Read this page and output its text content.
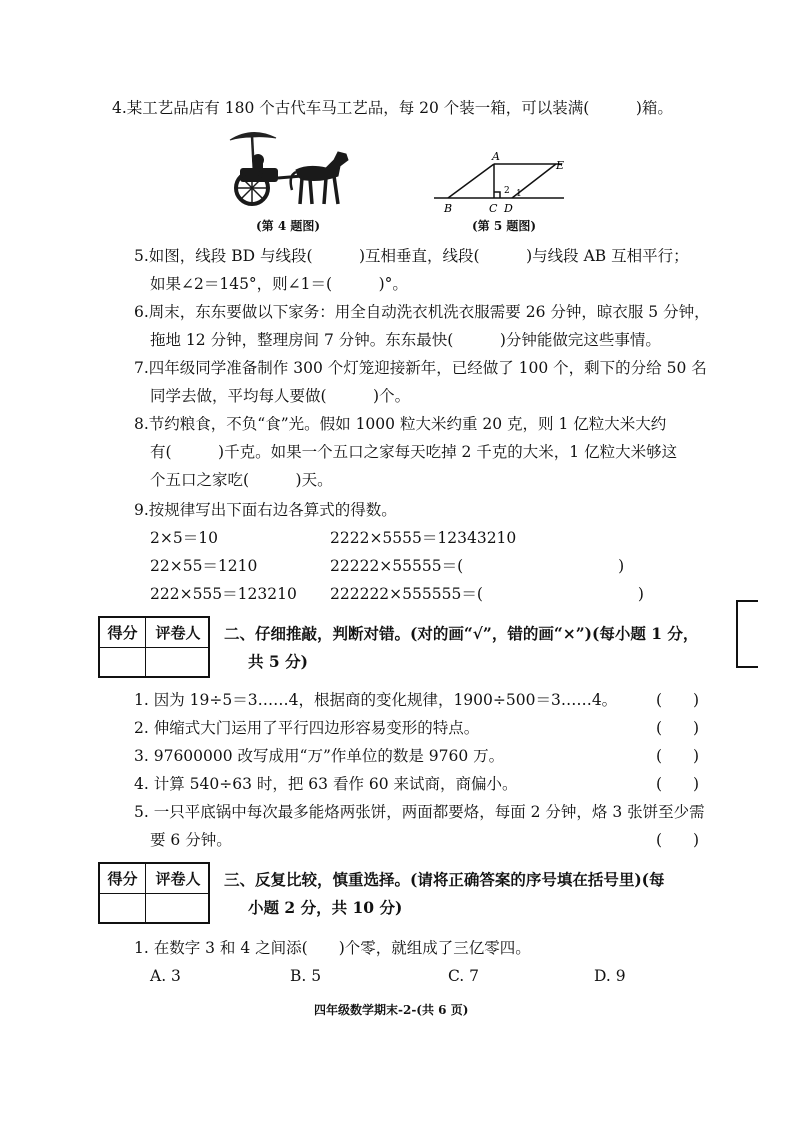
4.某工艺品店有 180 个古代车马工艺品，每 20 个装一箱，可以装满(　　　)箱。
(第 4 题图)
A
E
B	C D
2 1
(第 5 题图)
5.如图，线段 BD 与线段(　　　)互相垂直，线段(　　　)与线段 AB 互相平行；
如果∠2＝145°，则∠1＝(　　　)°。
6.周末，东东要做以下家务：用全自动洗衣机洗衣服需要 26 分钟，晾衣服 5 分钟，
拖地 12 分钟，整理房间 7 分钟。东东最快(　　　)分钟能做完这些事情。
7.四年级同学准备制作 300 个灯笼迎接新年，已经做了 100 个，剩下的分给 50 名
同学去做，平均每人要做(　　　)个。
8.节约粮食，不负“食”光。假如 1000 粒大米约重 20 克，则 1 亿粒大米大约
有(　　　)千克。如果一个五口之家每天吃掉 2 千克的大米，1 亿粒大米够这
个五口之家吃(　　　)天。
9.按规律写出下面右边各算式的得数。
2×5＝10
22×55＝1210
222×555＝123210
2222×5555＝12343210
22222×55555＝(　　　　　　　　　　)
222222×555555＝(　　　　　　　　　　)
得分	评卷人	二、仔细推敲，判断对错。(对的画“√”，错的画“×”)(每小题 1 分，
共 5 分)
1. 因为 19÷5＝3……4，根据商的变化规律，1900÷500＝3……4。	(　　)
2. 伸缩式大门运用了平行四边形容易变形的特点。	(　　)
3. 97600000 改写成用“万”作单位的数是 9760 万。	(　　)
4. 计算 540÷63 时，把 63 看作 60 来试商，商偏小。	(　　)
5. 一只平底锅中每次最多能烙两张饼，两面都要烙，每面 2 分钟，烙 3 张饼至少需
要 6 分钟。	(　　)
得分	评卷人	三、反复比较，慎重选择。(请将正确答案的序号填在括号里)(每
小题 2 分，共 10 分)
1. 在数字 3 和 4 之间添(　　)个零，就组成了三亿零四。
A. 3	B. 5	C. 7	D. 9
四年级数学期末-2-(共 6 页)
